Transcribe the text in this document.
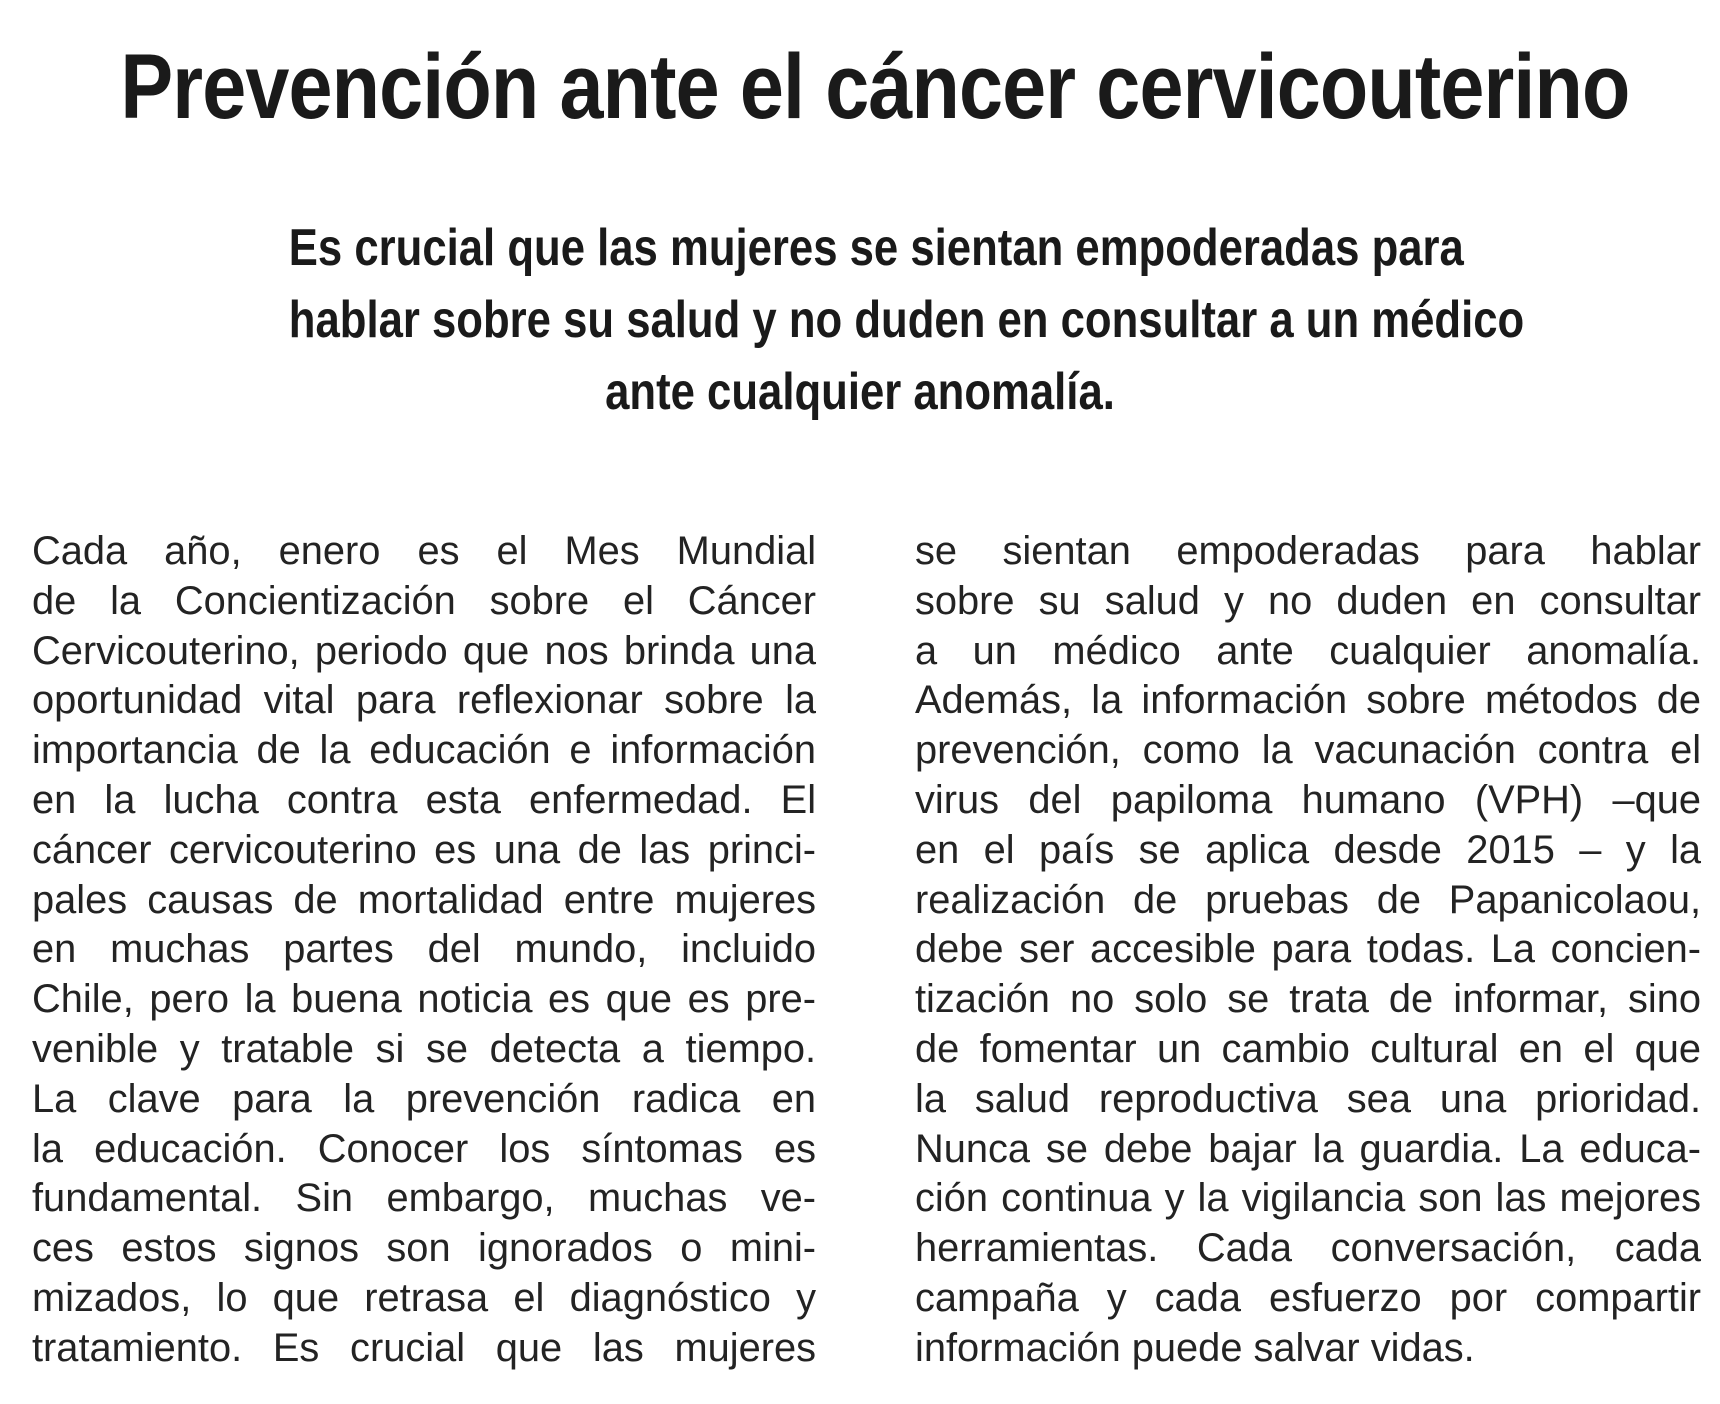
Prevención ante el cáncer cervicouterino
Es crucial que las mujeres se sientan empoderadas para
hablar sobre su salud y no duden en consultar a un médico
ante cualquier anomalía.
Cada año, enero es el Mes Mundial
de la Concientización sobre el Cáncer
Cervicouterino, periodo que nos brinda una
oportunidad vital para reflexionar sobre la
importancia de la educación e información
en la lucha contra esta enfermedad. El
cáncer cervicouterino es una de las princi-
pales causas de mortalidad entre mujeres
en muchas partes del mundo, incluido
Chile, pero la buena noticia es que es pre-
venible y tratable si se detecta a tiempo.
La clave para la prevención radica en
la educación. Conocer los síntomas es
fundamental. Sin embargo, muchas ve-
ces estos signos son ignorados o mini-
mizados, lo que retrasa el diagnóstico y
tratamiento. Es crucial que las mujeres
se sientan empoderadas para hablar
sobre su salud y no duden en consultar
a un médico ante cualquier anomalía.
Además, la información sobre métodos de
prevención, como la vacunación contra el
virus del papiloma humano (VPH) –que
en el país se aplica desde 2015 – y la
realización de pruebas de Papanicolaou,
debe ser accesible para todas. La concien-
tización no solo se trata de informar, sino
de fomentar un cambio cultural en el que
la salud reproductiva sea una prioridad.
Nunca se debe bajar la guardia. La educa-
ción continua y la vigilancia son las mejores
herramientas. Cada conversación, cada
campaña y cada esfuerzo por compartir
información puede salvar vidas.
